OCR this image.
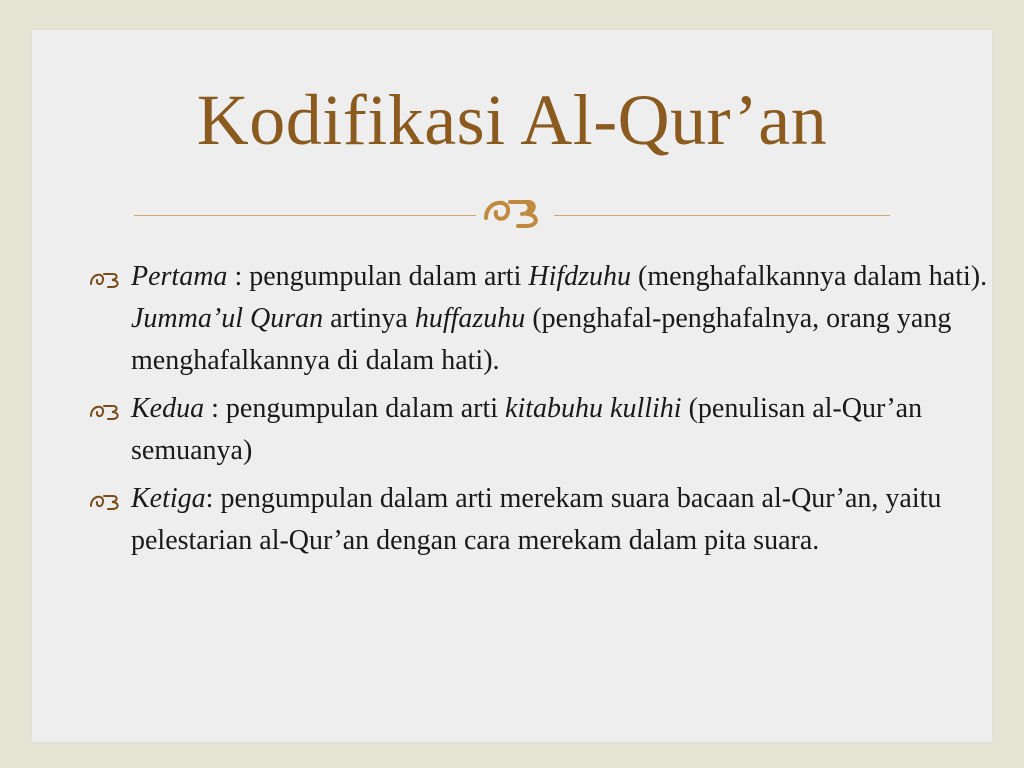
Kodifikasi Al-Qur’an
Pertama : pengumpulan dalam arti Hifdzuhu (menghafalkannya dalam hati). Jumma’ul Quran artinya huffazuhu (penghafal-penghafalnya, orang yang menghafalkannya di dalam hati).
Kedua : pengumpulan dalam arti kitabuhu kullihi (penulisan al-Qur’an semuanya)
Ketiga: pengumpulan dalam arti merekam suara bacaan al-Qur’an, yaitu pelestarian al-Qur’an dengan cara merekam dalam pita suara.
